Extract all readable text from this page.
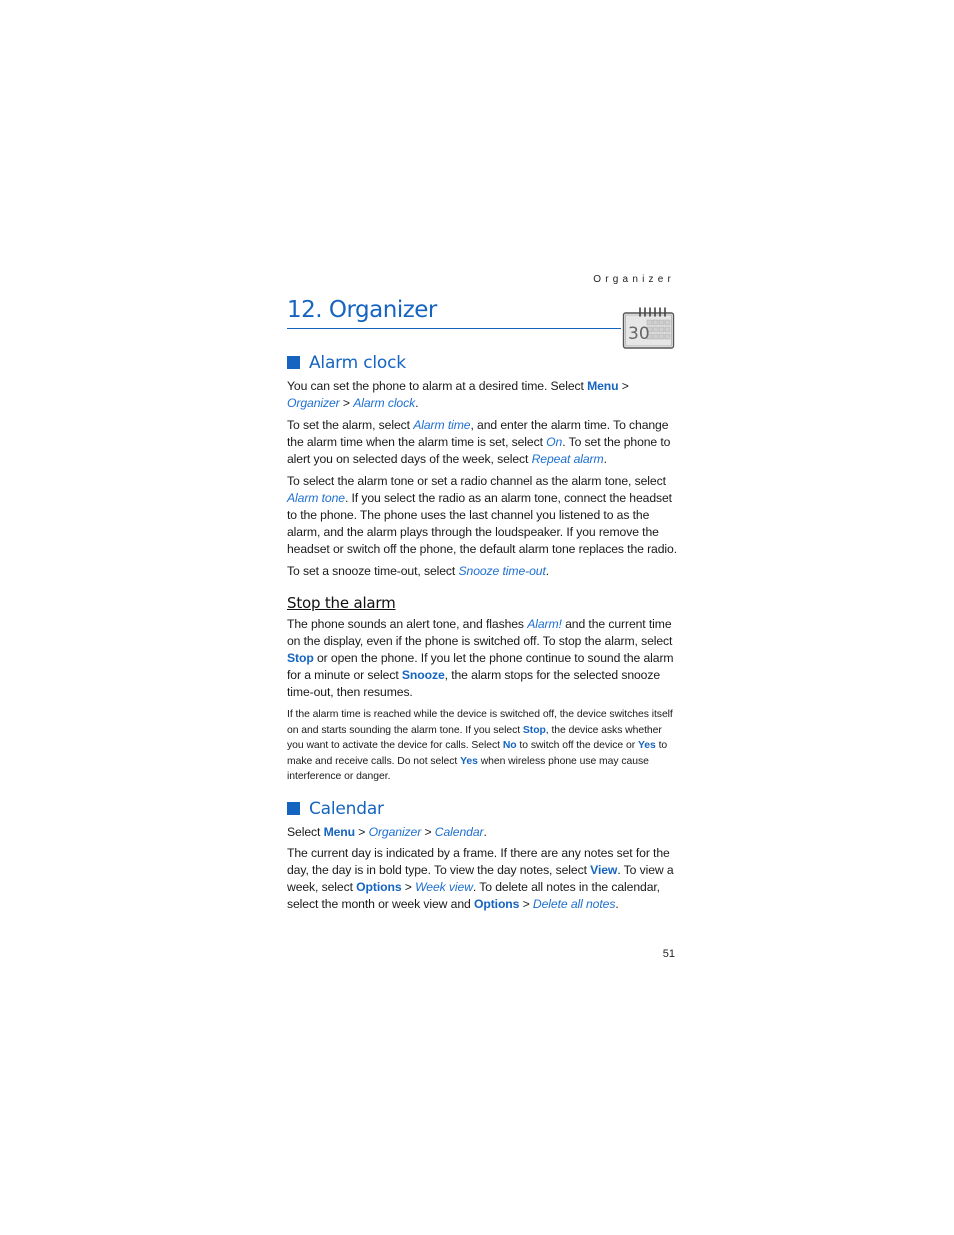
Organizer
12. Organizer
30
Alarm clock

You can set the phone to alarm at a desired time. Select Menu > Organizer > Alarm clock.

To set the alarm, select Alarm time, and enter the alarm time. To change the alarm time when the alarm time is set, select On. To set the phone to alert you on selected days of the week, select Repeat alarm.

To select the alarm tone or set a radio channel as the alarm tone, select Alarm tone. If you select the radio as an alarm tone, connect the headset to the phone. The phone uses the last channel you listened to as the alarm, and the alarm plays through the loudspeaker. If you remove the headset or switch off the phone, the default alarm tone replaces the radio.

To set a snooze time-out, select Snooze time-out.

Stop the alarm

The phone sounds an alert tone, and flashes Alarm! and the current time on the display, even if the phone is switched off. To stop the alarm, select Stop or open the phone. If you let the phone continue to sound the alarm for a minute or select Snooze, the alarm stops for the selected snooze time-out, then resumes.

If the alarm time is reached while the device is switched off, the device switches itself on and starts sounding the alarm tone. If you select Stop, the device asks whether you want to activate the device for calls. Select No to switch off the device or Yes to make and receive calls. Do not select Yes when wireless phone use may cause interference or danger.

Calendar

Select Menu > Organizer > Calendar.

The current day is indicated by a frame. If there are any notes set for the day, the day is in bold type. To view the day notes, select View. To view a week, select Options > Week view. To delete all notes in the calendar, select the month or week view and Options > Delete all notes.

51
